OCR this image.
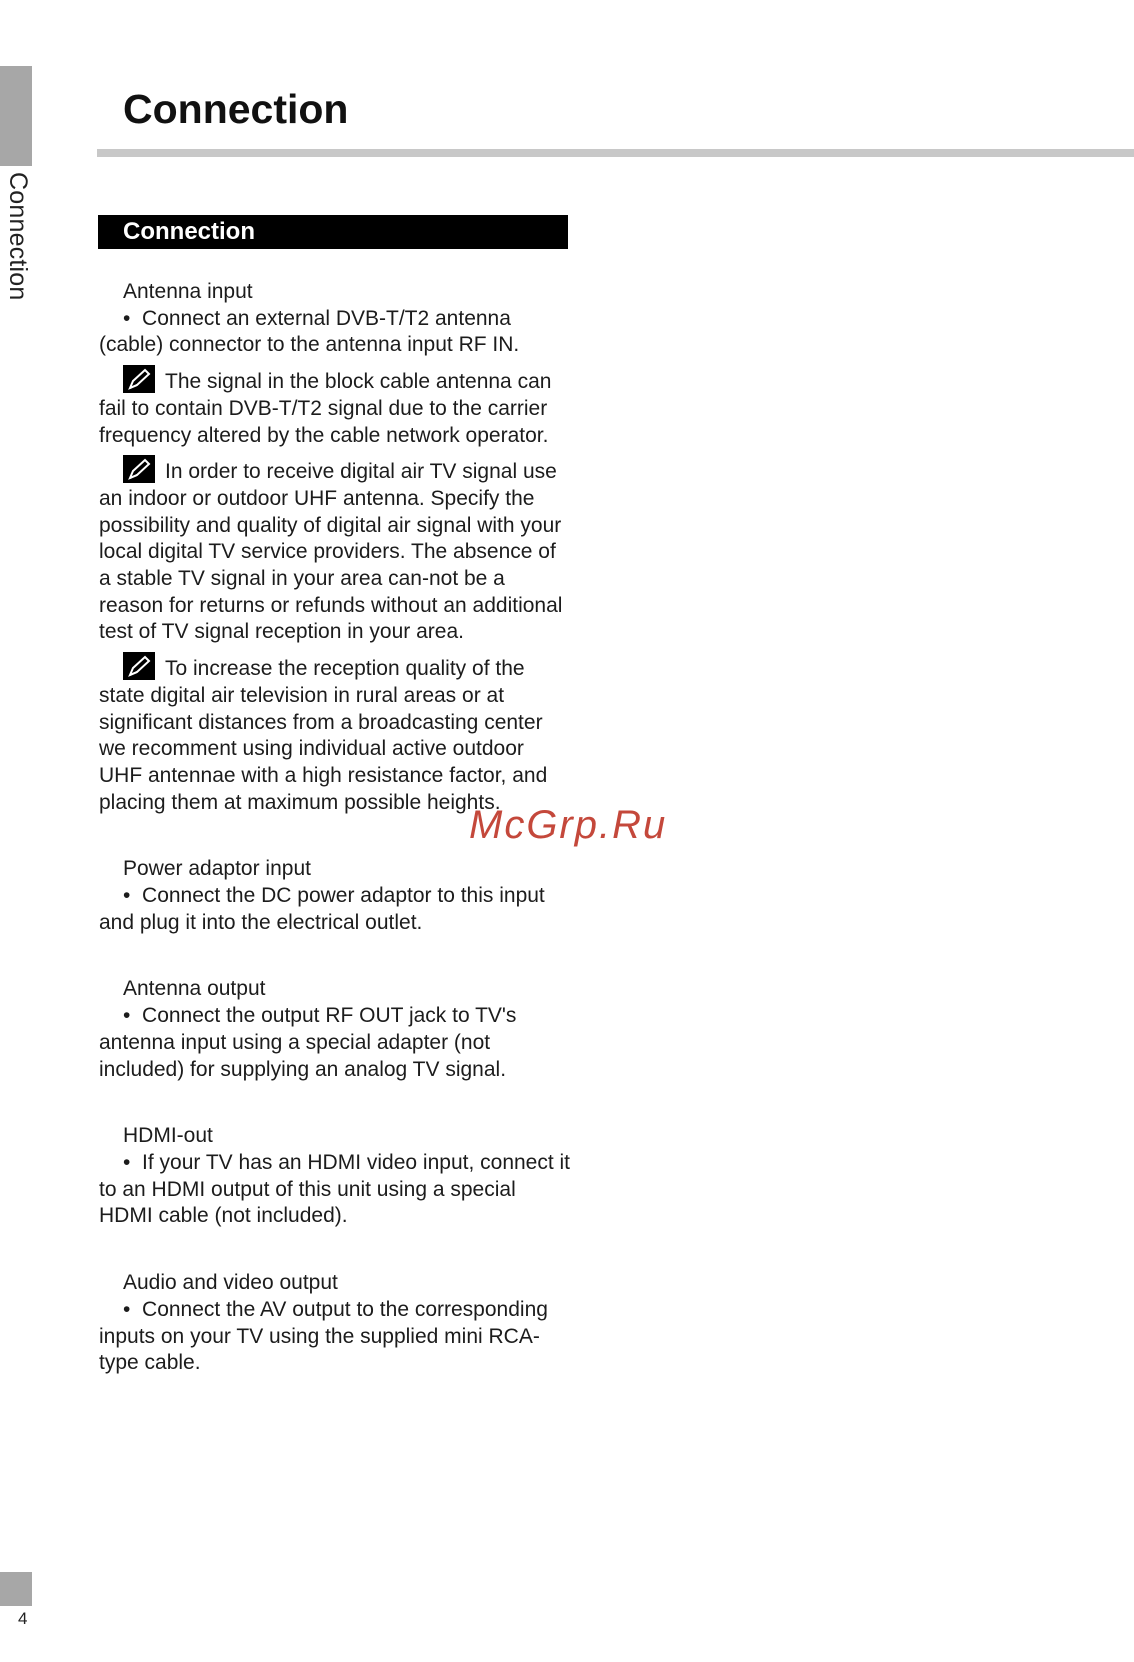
Connection
Connection
Connection
Antenna input

•  Connect an external DVB-T/T2 antenna (cable) connector to the antenna input RF IN.

The signal in the block cable antenna can fail to contain DVB-T/T2 signal due to the carrier frequency altered by the cable network operator.

In order to receive digital air TV signal use an indoor or outdoor UHF antenna. Specify the possibility and quality of digital air signal with your local digital TV service providers. The absence of a stable TV signal in your area can-not be a reason for returns or refunds without an additional test of TV signal reception in your area.

To increase the reception quality of the state digital air television in rural areas or at significant distances from a broadcasting center we recomment using individual active outdoor UHF antennae with a high resistance factor, and placing them at maximum possible heights.

Power adaptor input

•  Connect the DC power adaptor to this input and plug it into the electrical outlet.

Antenna output

•  Connect the output RF OUT jack to TV's antenna input using a special adapter (not included) for supplying an analog TV signal.

HDMI-out

•  If your TV has an HDMI video input, connect it to an HDMI output of this unit using a special HDMI cable (not included).

Audio and video output

•  Connect the AV output to the corresponding inputs on your TV using the supplied mini RCA-type cable.

McGrp.Ru
4
